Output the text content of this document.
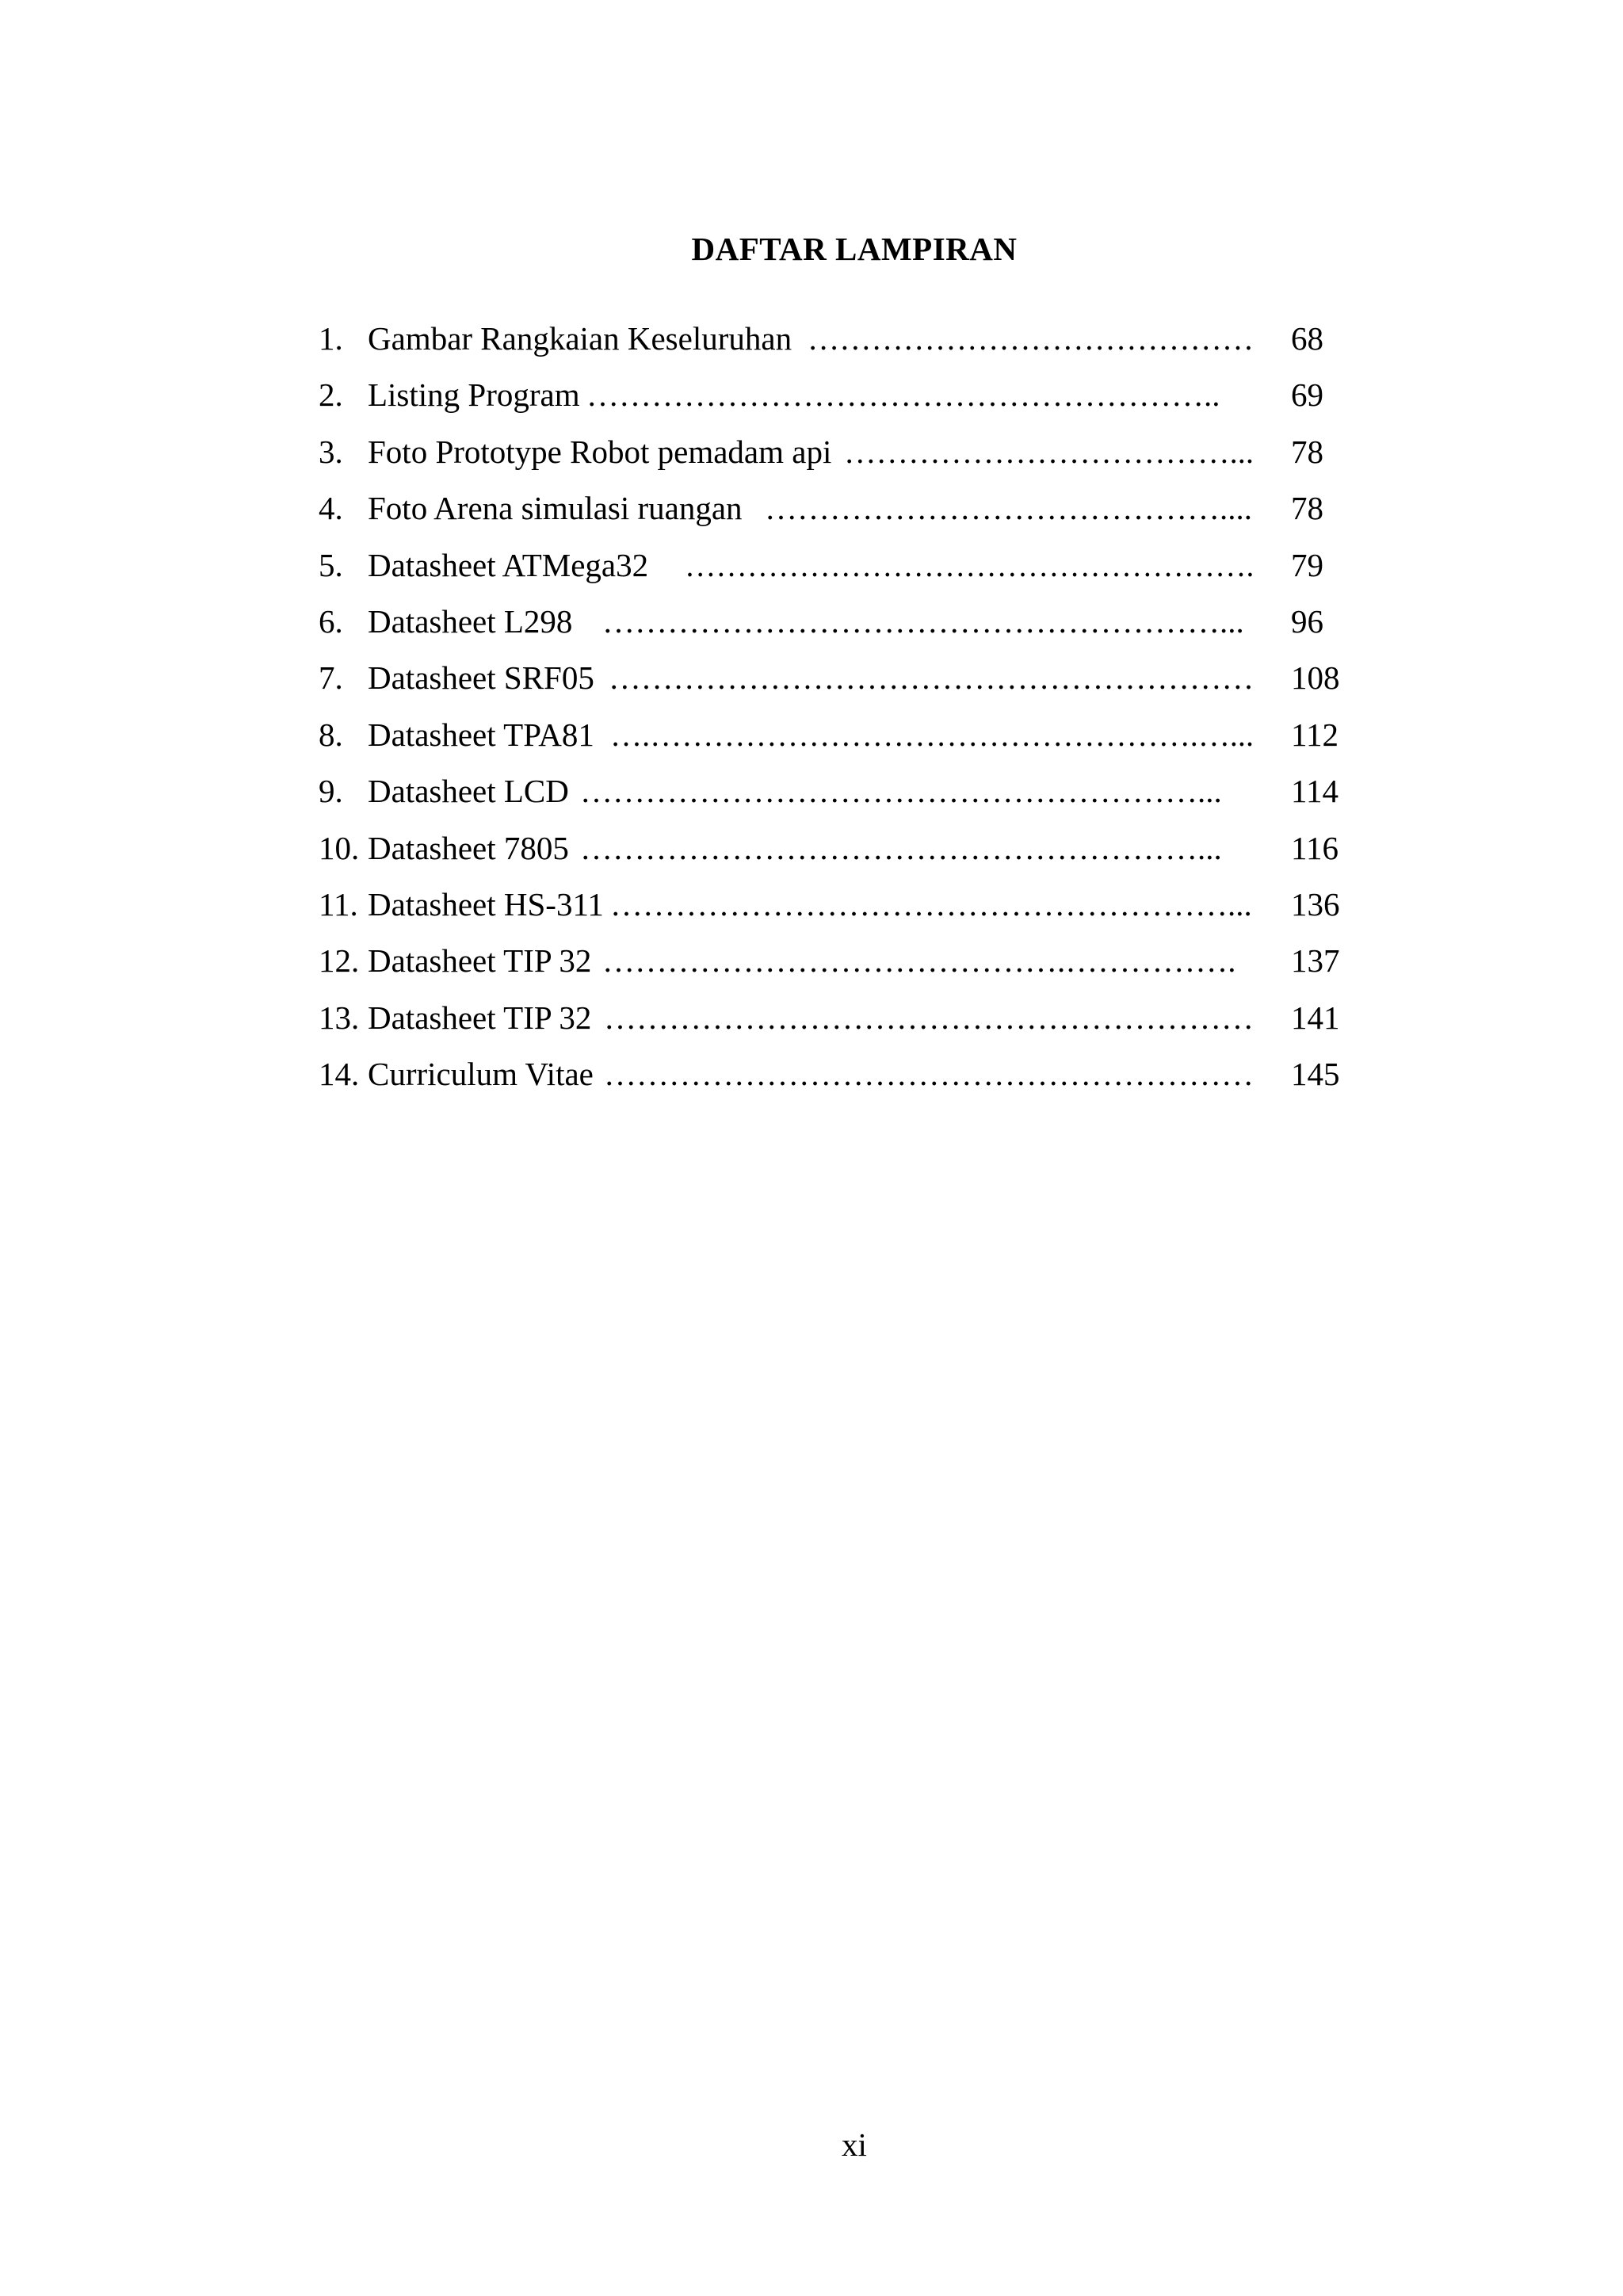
DAFTAR LAMPIRAN
1. Gambar Rangkaian Keseluruhan …………………………………… 68
2. Listing Program ………………………………………………….. 69
3. Foto Prototype Robot pemadam api ………………………………... 78
4. Foto Arena simulasi ruangan …………………………………….... 78
5. Datasheet ATMega32 ………………………………………………. 79
6. Datasheet L298 …………………………………………………... 96
7. Datasheet SRF05 …………………………………………………… 108
8. Datasheet TPA81 ….…………………………………………….…... 112
9. Datasheet LCD …………………………………………………... 114
10. Datasheet 7805 …………………………………………………... 116
11. Datasheet HS-311 …………………………………………………... 136
12. Datasheet TIP 32 …………………………………….……………. 137
13. Datasheet TIP 32 …………………………………………………… 141
14. Curriculum Vitae …………………………………………………… 145
xi
